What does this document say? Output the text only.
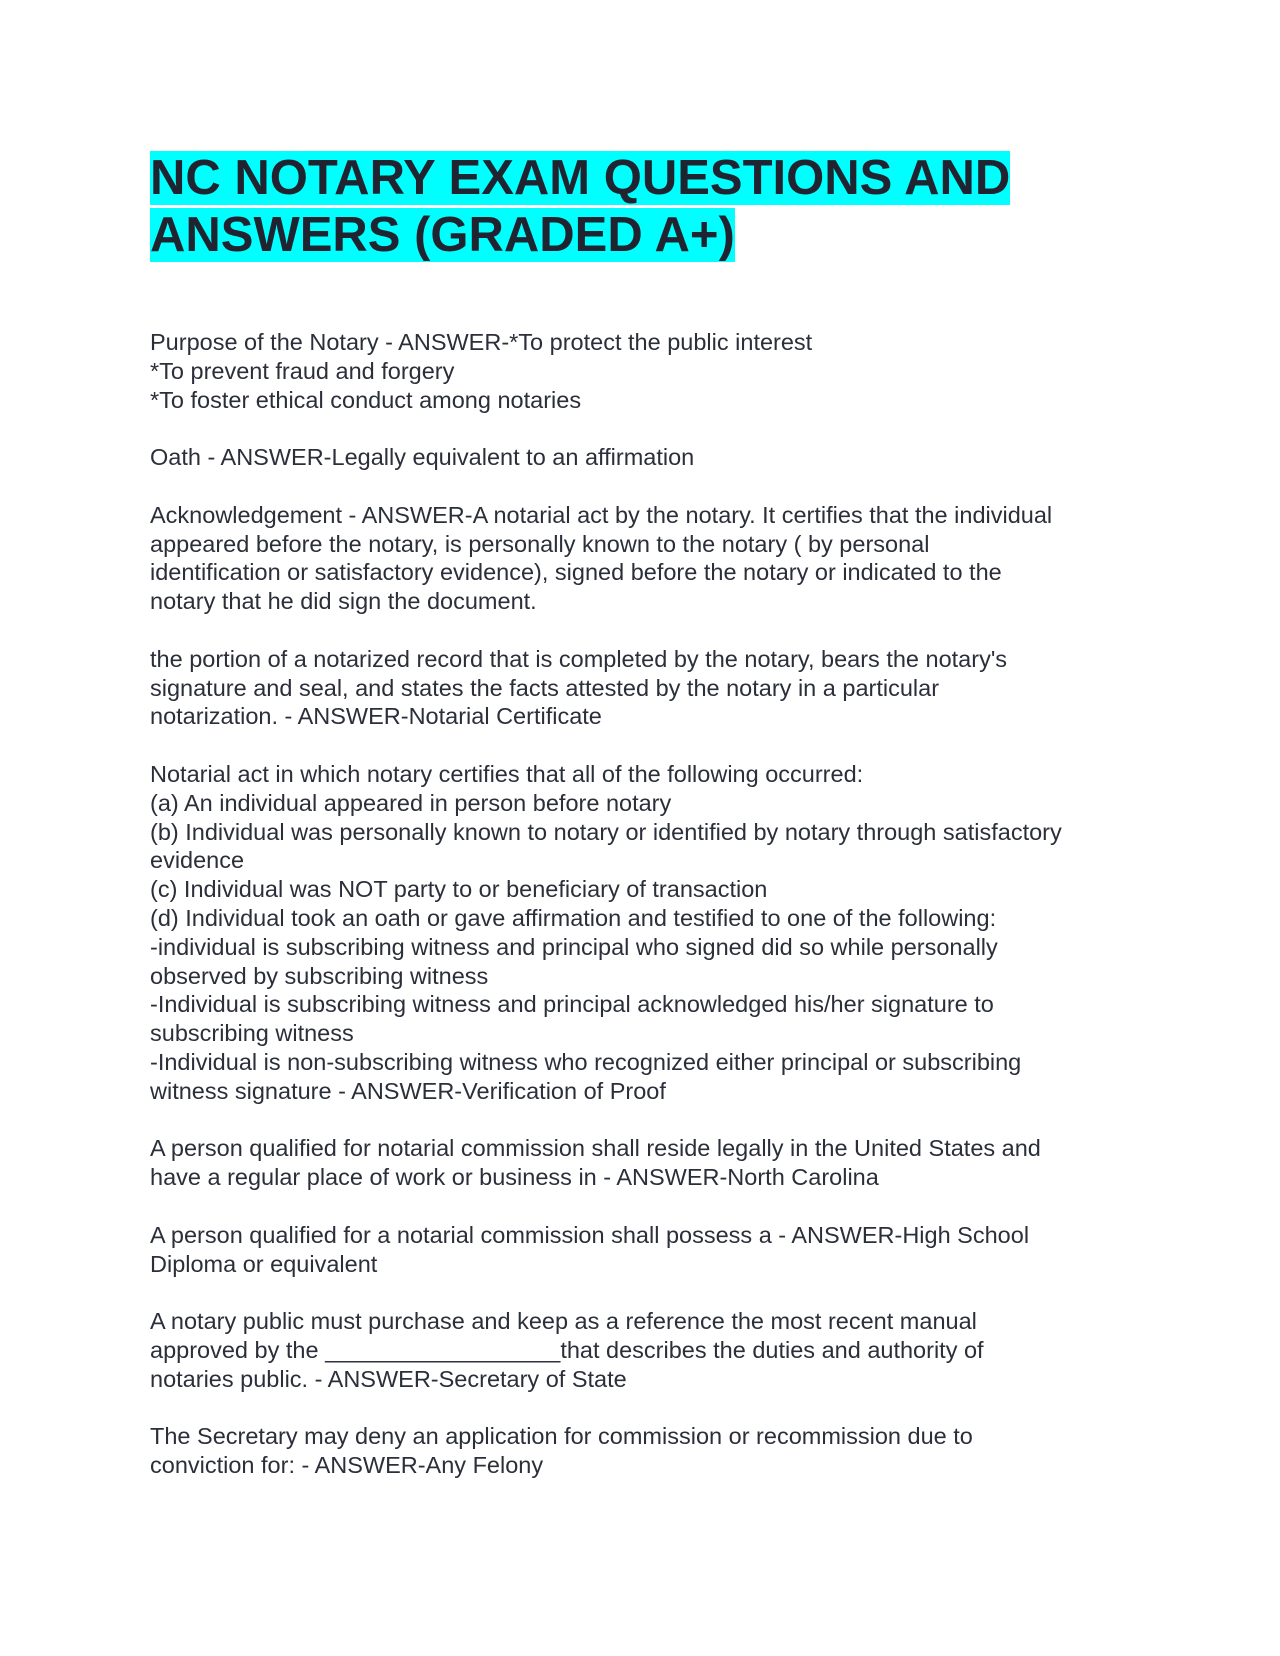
NC NOTARY EXAM QUESTIONS AND
ANSWERS (GRADED A+)

Purpose of the Notary - ANSWER-*To protect the public interest
*To prevent fraud and forgery
*To foster ethical conduct among notaries

Oath - ANSWER-Legally equivalent to an affirmation

Acknowledgement - ANSWER-A notarial act by the notary. It certifies that the individual
appeared before the notary, is personally known to the notary ( by personal
identification or satisfactory evidence), signed before the notary or indicated to the
notary that he did sign the document.

the portion of a notarized record that is completed by the notary, bears the notary's
signature and seal, and states the facts attested by the notary in a particular
notarization. - ANSWER-Notarial Certificate

Notarial act in which notary certifies that all of the following occurred:
(a) An individual appeared in person before notary
(b) Individual was personally known to notary or identified by notary through satisfactory
evidence
(c) Individual was NOT party to or beneficiary of transaction
(d) Individual took an oath or gave affirmation and testified to one of the following:
-individual is subscribing witness and principal who signed did so while personally
observed by subscribing witness
-Individual is subscribing witness and principal acknowledged his/her signature to
subscribing witness
-Individual is non-subscribing witness who recognized either principal or subscribing
witness signature - ANSWER-Verification of Proof

A person qualified for notarial commission shall reside legally in the United States and
have a regular place of work or business in - ANSWER-North Carolina

A person qualified for a notarial commission shall possess a - ANSWER-High School
Diploma or equivalent

A notary public must purchase and keep as a reference the most recent manual
approved by the __________________that describes the duties and authority of
notaries public. - ANSWER-Secretary of State

The Secretary may deny an application for commission or recommission due to
conviction for: - ANSWER-Any Felony
